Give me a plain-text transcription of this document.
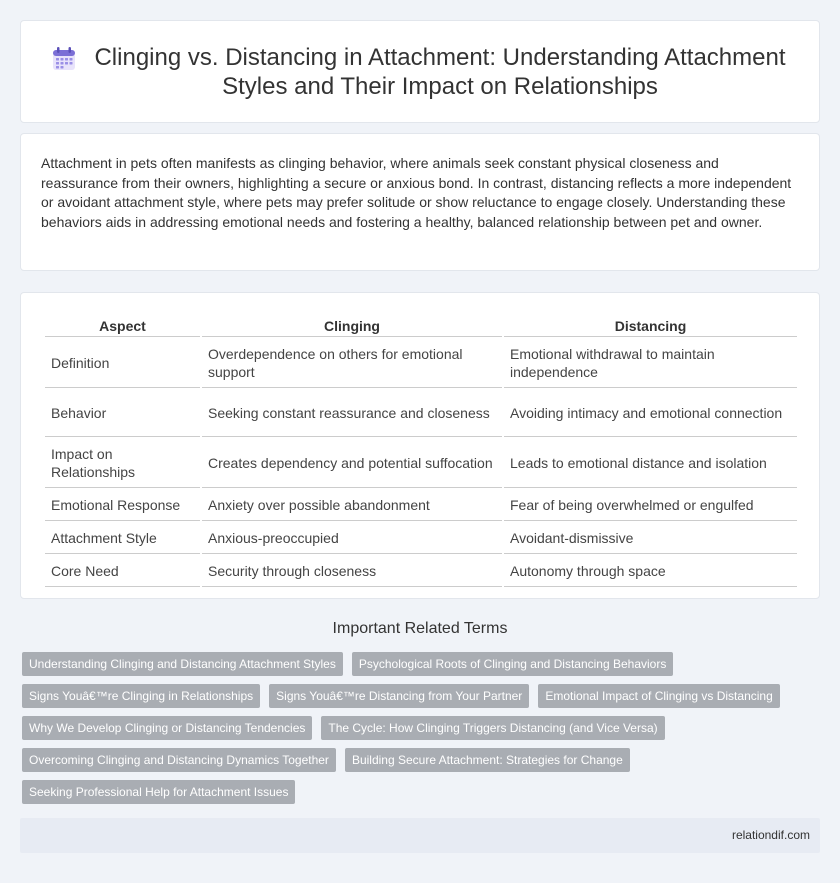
Clinging vs. Distancing in Attachment: Understanding Attachment Styles and Their Impact on Relationships

Attachment in pets often manifests as clinging behavior, where animals seek constant physical closeness and reassurance from their owners, highlighting a secure or anxious bond. In contrast, distancing reflects a more independent or avoidant attachment style, where pets may prefer solitude or show reluctance to engage closely. Understanding these behaviors aids in addressing emotional needs and fostering a healthy, balanced relationship between pet and owner.

Aspect	Clinging	Distancing
Definition	Overdependence on others for emotional support	Emotional withdrawal to maintain independence
Behavior	Seeking constant reassurance and closeness	Avoiding intimacy and emotional connection
Impact on Relationships	Creates dependency and potential suffocation	Leads to emotional distance and isolation
Emotional Response	Anxiety over possible abandonment	Fear of being overwhelmed or engulfed
Attachment Style	Anxious-preoccupied	Avoidant-dismissive
Core Need	Security through closeness	Autonomy through space
Important Related Terms
Understanding Clinging and Distancing Attachment Styles	Psychological Roots of Clinging and Distancing Behaviors
Signs Youâ€™re Clinging in Relationships	Signs Youâ€™re Distancing from Your Partner	Emotional Impact of Clinging vs Distancing
Why We Develop Clinging or Distancing Tendencies	The Cycle: How Clinging Triggers Distancing (and Vice Versa)
Overcoming Clinging and Distancing Dynamics Together	Building Secure Attachment: Strategies for Change
Seeking Professional Help for Attachment Issues
relationdif.com
